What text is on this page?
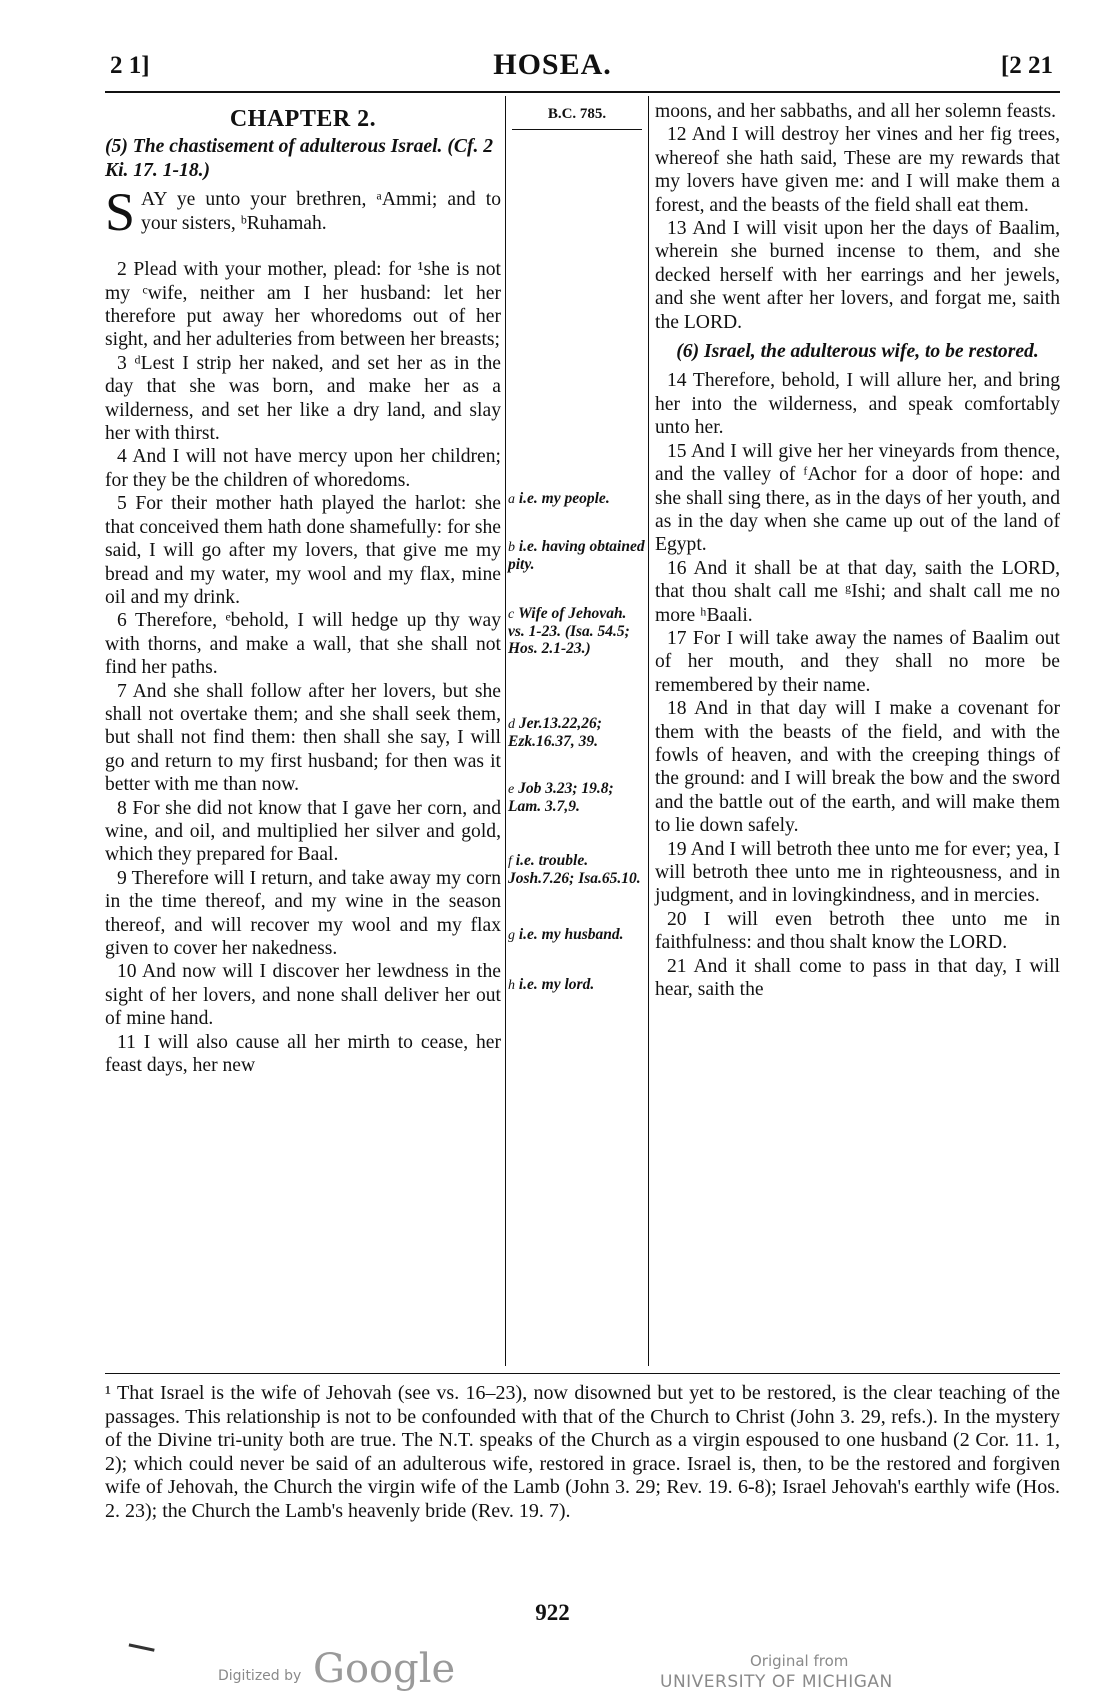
2 1]	HOSEA.	[2 21
CHAPTER 2.
(5) The chastisement of adulterous Israel. (Cf. 2 Ki. 17. 1-18.)
S AY ye unto your brethren, ᵃAmmi; and to your sisters, ᵇRuhamah.

2 Plead with your mother, plead: for ¹she is not my ᶜwife, neither am I her husband: let her therefore put away her whoredoms out of her sight, and her adulteries from between her breasts;

3 ᵈLest I strip her naked, and set her as in the day that she was born, and make her as a wilderness, and set her like a dry land, and slay her with thirst.

4 And I will not have mercy upon her children; for they be the children of whoredoms.

5 For their mother hath played the harlot: she that conceived them hath done shamefully: for she said, I will go after my lovers, that give me my bread and my water, my wool and my flax, mine oil and my drink.

6 Therefore, ᵉbehold, I will hedge up thy way with thorns, and make a wall, that she shall not find her paths.

7 And she shall follow after her lovers, but she shall not overtake them; and she shall seek them, but shall not find them: then shall she say, I will go and return to my first husband; for then was it better with me than now.

8 For she did not know that I gave her corn, and wine, and oil, and multiplied her silver and gold, which they prepared for Baal.

9 Therefore will I return, and take away my corn in the time thereof, and my wine in the season thereof, and will recover my wool and my flax given to cover her nakedness.

10 And now will I discover her lewdness in the sight of her lovers, and none shall deliver her out of mine hand.

11 I will also cause all her mirth to cease, her feast days, her new

B.C. 785.
a i.e. my people.
b i.e. having obtained pity.
c Wife of Jehovah. vs. 1-23. (Isa. 54.5; Hos. 2.1-23.)
d Jer.13.22,26; Ezk.16.37, 39.
e Job 3.23; 19.8; Lam. 3.7,9.
f i.e. trouble. Josh.7.26; Isa.65.10.
g i.e. my husband.
h i.e. my lord.

moons, and her sabbaths, and all her solemn feasts.

12 And I will destroy her vines and her fig trees, whereof she hath said, These are my rewards that my lovers have given me: and I will make them a forest, and the beasts of the field shall eat them.

13 And I will visit upon her the days of Baalim, wherein she burned incense to them, and she decked herself with her earrings and her jewels, and she went after her lovers, and forgat me, saith the LORD.

(6) Israel, the adulterous wife, to be restored.

14 Therefore, behold, I will allure her, and bring her into the wilderness, and speak comfortably unto her.

15 And I will give her her vineyards from thence, and the valley of ᶠAchor for a door of hope: and she shall sing there, as in the days of her youth, and as in the day when she came up out of the land of Egypt.

16 And it shall be at that day, saith the LORD, that thou shalt call me ᵍIshi; and shalt call me no more ʰBaali.

17 For I will take away the names of Baalim out of her mouth, and they shall no more be remembered by their name.

18 And in that day will I make a covenant for them with the beasts of the field, and with the fowls of heaven, and with the creeping things of the ground: and I will break the bow and the sword and the battle out of the earth, and will make them to lie down safely.

19 And I will betroth thee unto me for ever; yea, I will betroth thee unto me in righteousness, and in judgment, and in lovingkindness, and in mercies.

20 I will even betroth thee unto me in faithfulness: and thou shalt know the LORD.

21 And it shall come to pass in that day, I will hear, saith the

¹ That Israel is the wife of Jehovah (see vs. 16–23), now disowned but yet to be restored, is the clear teaching of the passages. This relationship is not to be confounded with that of the Church to Christ (John 3. 29, refs.). In the mystery of the Divine tri-unity both are true. The N.T. speaks of the Church as a virgin espoused to one husband (2 Cor. 11. 1, 2); which could never be said of an adulterous wife, restored in grace. Israel is, then, to be the restored and forgiven wife of Jehovah, the Church the virgin wife of the Lamb (John 3. 29; Rev. 19. 6-8); Israel Jehovah's earthly wife (Hos. 2. 23); the Church the Lamb's heavenly bride (Rev. 19. 7).
922
Digitized by Google	Original from
UNIVERSITY OF MICHIGAN
